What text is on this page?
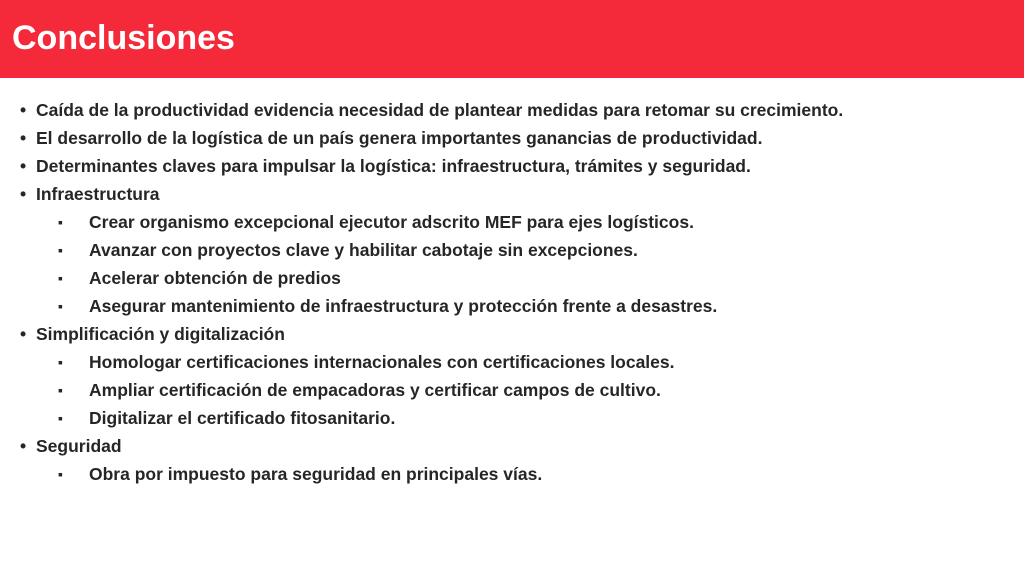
Conclusiones
• Caída de la productividad evidencia necesidad de plantear medidas para retomar su crecimiento.
• El desarrollo de la logística de un país genera importantes ganancias de productividad.
• Determinantes claves para impulsar la logística: infraestructura, trámites y seguridad.
• Infraestructura
▪	Crear organismo excepcional ejecutor adscrito MEF para ejes logísticos.
▪	Avanzar con proyectos clave y habilitar cabotaje sin excepciones.
▪	Acelerar obtención de predios
▪	Asegurar mantenimiento de infraestructura y protección frente a desastres.
• Simplificación y digitalización
▪	Homologar certificaciones internacionales con certificaciones locales.
▪	Ampliar certificación de empacadoras y certificar campos de cultivo.
▪	Digitalizar el certificado fitosanitario.
• Seguridad
▪	Obra por impuesto para seguridad en principales vías.
